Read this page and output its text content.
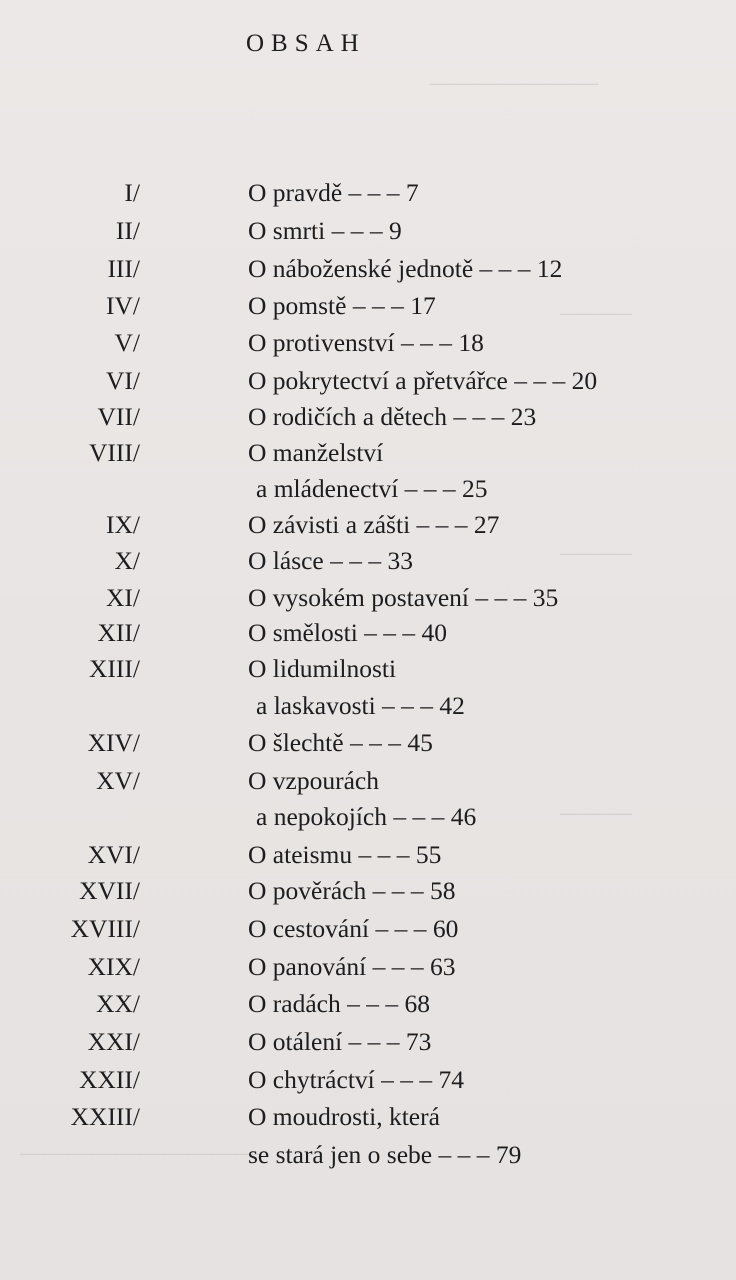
———————
———
———
———
——————————
OBSAH
I/	O pravdě – – – 7
II/	O smrti – – – 9
III/	O náboženské jednotě – – – 12
IV/	O pomstě – – – 17
V/	O protivenství – – – 18
VI/	O pokrytectví a přetvářce – – – 20
VII/	O rodičích a dětech – – – 23
VIII/	O manželství
a mládenectví – – – 25
IX/	O závisti a zášti – – – 27
X/	O lásce – – – 33
XI/	O vysokém postavení – – – 35
XII/	O smělosti – – – 40
XIII/	O lidumilnosti
a laskavosti – – – 42
XIV/	O šlechtě – – – 45
XV/	O vzpourách
a nepokojích – – – 46
XVI/	O ateismu – – – 55
XVII/	O pověrách – – – 58
XVIII/	O cestování – – – 60
XIX/	O panování – – – 63
XX/	O radách – – – 68
XXI/	O otálení – – – 73
XXII/	O chytráctví – – – 74
XXIII/	O moudrosti, která
se stará jen o sebe – – – 79
